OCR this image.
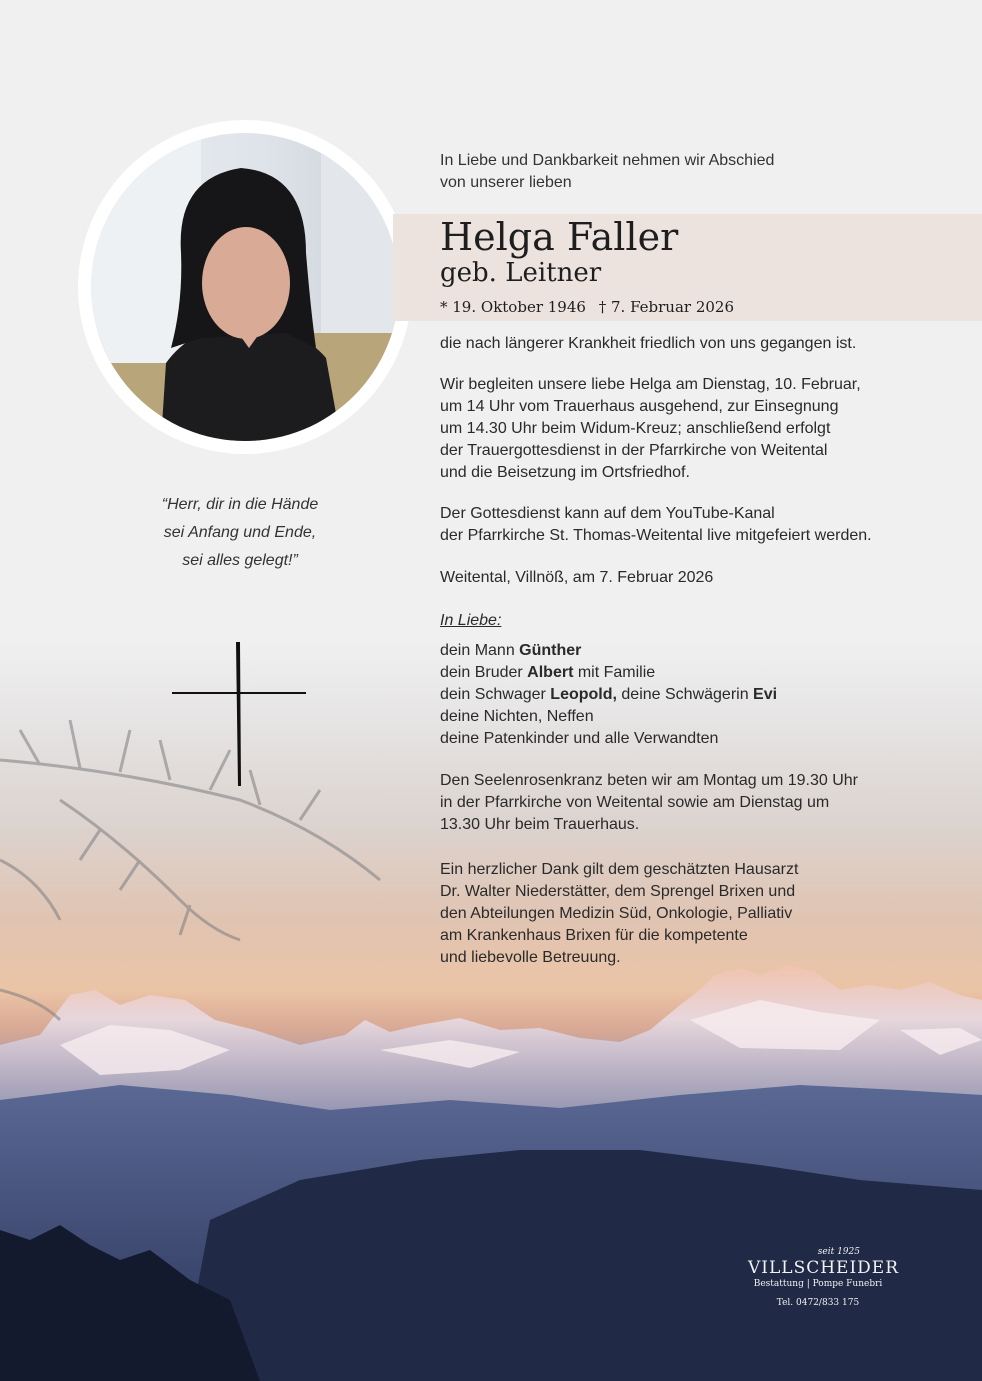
In Liebe und Dankbarkeit nehmen wir Abschied

von unserer lieben

Helga Faller
geb. Leitner
* 19. Oktober 1946 † 7. Februar 2026

die nach längerer Krankheit friedlich von uns gegangen ist.

Wir begleiten unsere liebe Helga am Dienstag, 10. Februar,

um 14 Uhr vom Trauerhaus ausgehend, zur Einsegnung

um 14.30 Uhr beim Widum-Kreuz; anschließend erfolgt

der Trauergottesdienst in der Pfarrkirche von Weitental

und die Beisetzung im Ortsfriedhof.

Der Gottesdienst kann auf dem YouTube-Kanal

der Pfarrkirche St. Thomas-Weitental live mitgefeiert werden.

Weitental, Villnöß, am 7. Februar 2026

In Liebe:

dein Mann Günther

dein Bruder Albert mit Familie

dein Schwager Leopold, deine Schwägerin Evi

deine Nichten, Neffen

deine Patenkinder und alle Verwandten

Den Seelenrosenkranz beten wir am Montag um 19.30 Uhr

in der Pfarrkirche von Weitental sowie am Dienstag um

13.30 Uhr beim Trauerhaus.

Ein herzlicher Dank gilt dem geschätzten Hausarzt

Dr. Walter Niederstätter, dem Sprengel Brixen und

den Abteilungen Medizin Süd, Onkologie, Palliativ

am Krankenhaus Brixen für die kompetente

und liebevolle Betreuung.

“Herr, dir in die Hände

sei Anfang und Ende,

sei alles gelegt!”

seit 1925
VILLSCHEIDER
Bestattung | Pompe Funebri
Tel. 0472/833 175
